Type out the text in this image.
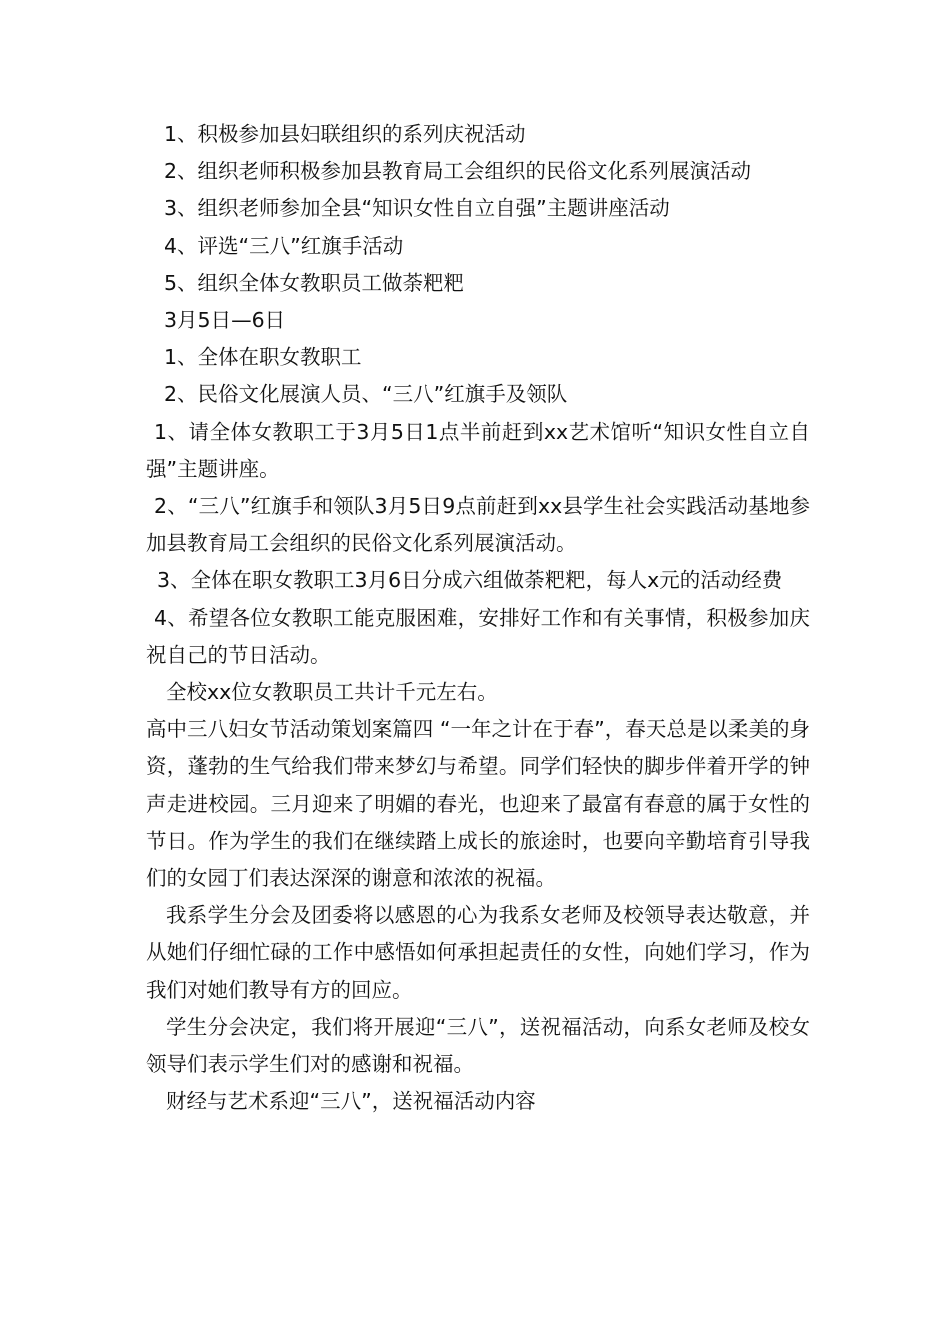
1、积极参加县妇联组织的系列庆祝活动

2、组织老师积极参加县教育局工会组织的民俗文化系列展演活动

3、组织老师参加全县“知识女性自立自强”主题讲座活动

4、评选“三八”红旗手活动

5、组织全体女教职员工做荼粑粑

3月5日—6日

1、全体在职女教职工

2、民俗文化展演人员、“三八”红旗手及领队

1、请全体女教职工于3月5日1点半前赶到xx艺术馆听“知识女性自立自强”主题讲座。

2、“三八”红旗手和领队3月5日9点前赶到xx县学生社会实践活动基地参加县教育局工会组织的民俗文化系列展演活动。

3、全体在职女教职工3月6日分成六组做荼粑粑，每人x元的活动经费

4、希望各位女教职工能克服困难，安排好工作和有关事情，积极参加庆祝自己的节日活动。

全校xx位女教职员工共计千元左右。

高中三八妇女节活动策划案篇四 “一年之计在于春”，春天总是以柔美的身资，蓬勃的生气给我们带来梦幻与希望。同学们轻快的脚步伴着开学的钟声走进校园。三月迎来了明媚的春光，也迎来了最富有春意的属于女性的节日。作为学生的我们在继续踏上成长的旅途时，也要向辛勤培育引导我们的女园丁们表达深深的谢意和浓浓的祝福。

我系学生分会及团委将以感恩的心为我系女老师及校领导表达敬意，并从她们仔细忙碌的工作中感悟如何承担起责任的女性，向她们学习，作为我们对她们教导有方的回应。

学生分会决定，我们将开展迎“三八”，送祝福活动，向系女老师及校女领导们表示学生们对的感谢和祝福。

财经与艺术系迎“三八”，送祝福活动内容
